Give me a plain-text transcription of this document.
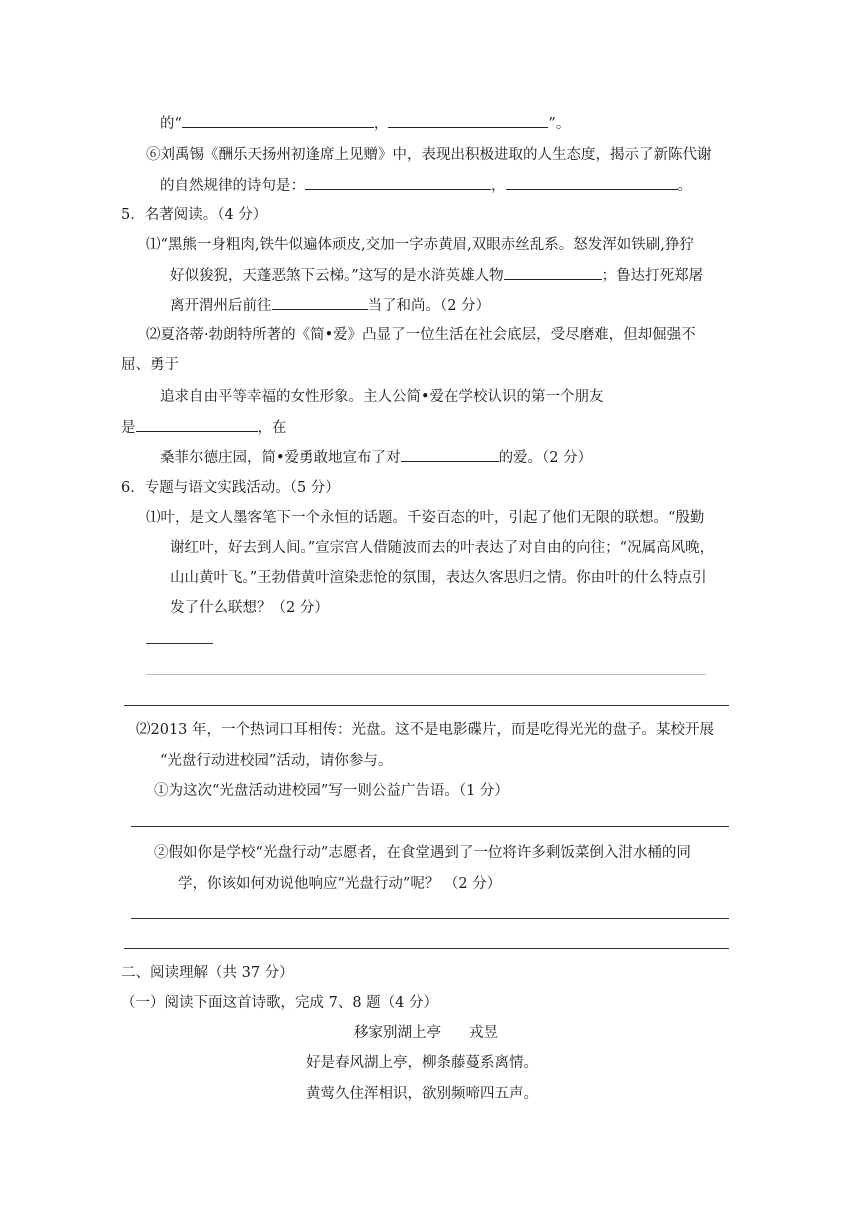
的“	，	”。
⑥刘禹锡《酬乐天扬州初逢席上见赠》中，表现出积极进取的人生态度，揭示了新陈代谢
的自然规律的诗句是：	，	。
5．名著阅读。（4 分）
⑴“黑熊一身粗肉,铁牛似遍体顽皮,交加一字赤黄眉,双眼赤丝乱系。怒发浑如铁刷,狰狞
好似狻猊，天蓬恶煞下云梯。”这写的是水浒英雄人物	；鲁达打死郑屠
离开渭州后前往	当了和尚。（2 分）
⑵夏洛蒂·勃朗特所著的《简•爱》凸显了一位生活在社会底层，受尽磨难，但却倔强不
屈、勇于
追求自由平等幸福的女性形象。主人公简•爱在学校认识的第一个朋友
是	，在
桑菲尔德庄园，简•爱勇敢地宣布了对	的爱。（2 分）
6．专题与语文实践活动。（5 分）
⑴叶，是文人墨客笔下一个永恒的话题。千姿百态的叶，引起了他们无限的联想。“殷勤
谢红叶，好去到人间。”宣宗宫人借随波而去的叶表达了对自由的向往；“况属高风晚，
山山黄叶飞。”王勃借黄叶渲染悲怆的氛围，表达久客思归之情。你由叶的什么特点引
发了什么联想？（2 分）
⑵2013 年，一个热词口耳相传：光盘。这不是电影碟片，而是吃得光光的盘子。某校开展
“光盘行动进校园”活动，请你参与。
①为这次“光盘活动进校园”写一则公益广告语。（1 分）
②假如你是学校“光盘行动”志愿者，在食堂遇到了一位将许多剩饭菜倒入泔水桶的同
学，你该如何劝说他响应“光盘行动”呢？ （2 分）
二、阅读理解（共 37 分）
（一）阅读下面这首诗歌，完成 7、8 题（4 分）
移家别湖上亭 戎昱
好是春风湖上亭，柳条藤蔓系离情。
黄莺久住浑相识，欲别频啼四五声。
